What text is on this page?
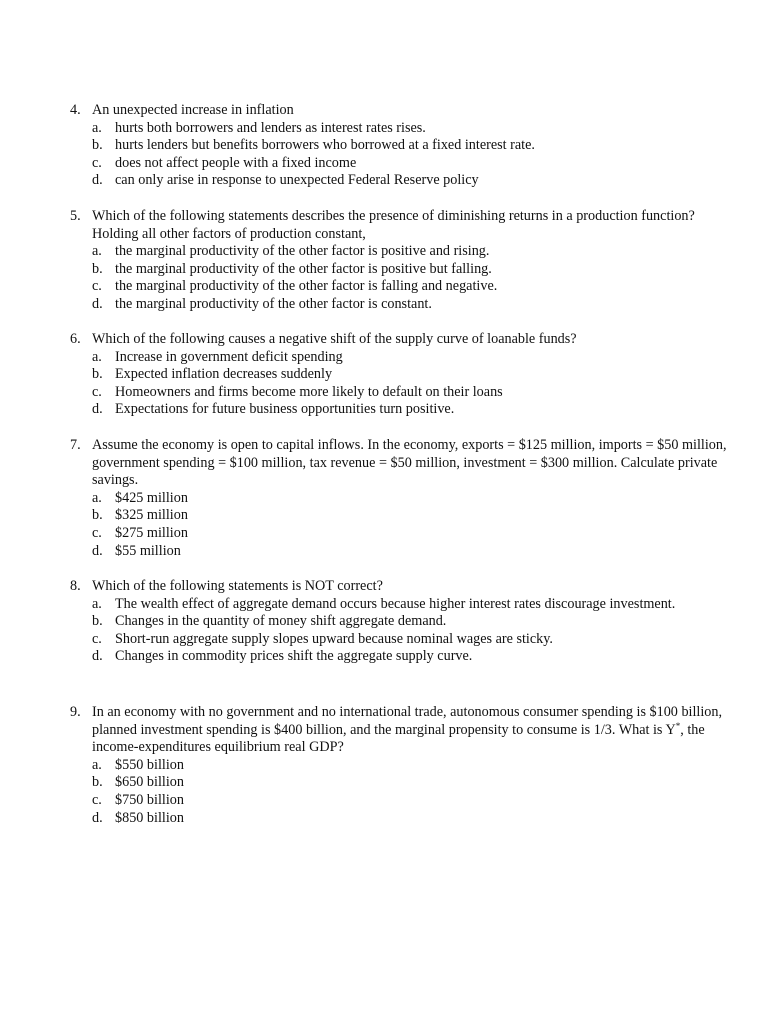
4. An unexpected increase in inflation
a. hurts both borrowers and lenders as interest rates rises.
b. hurts lenders but benefits borrowers who borrowed at a fixed interest rate.
c. does not affect people with a fixed income
d. can only arise in response to unexpected Federal Reserve policy
5. Which of the following statements describes the presence of diminishing returns in a production function? Holding all other factors of production constant,
a. the marginal productivity of the other factor is positive and rising.
b. the marginal productivity of the other factor is positive but falling.
c. the marginal productivity of the other factor is falling and negative.
d. the marginal productivity of the other factor is constant.
6. Which of the following causes a negative shift of the supply curve of loanable funds?
a. Increase in government deficit spending
b. Expected inflation decreases suddenly
c. Homeowners and firms become more likely to default on their loans
d. Expectations for future business opportunities turn positive.
7. Assume the economy is open to capital inflows. In the economy, exports = $125 million, imports = $50 million, government spending = $100 million, tax revenue = $50 million, investment = $300 million. Calculate private savings.
a. $425 million
b. $325 million
c. $275 million
d. $55 million
8. Which of the following statements is NOT correct?
a. The wealth effect of aggregate demand occurs because higher interest rates discourage investment.
b. Changes in the quantity of money shift aggregate demand.
c. Short-run aggregate supply slopes upward because nominal wages are sticky.
d. Changes in commodity prices shift the aggregate supply curve.
9. In an economy with no government and no international trade, autonomous consumer spending is $100 billion, planned investment spending is $400 billion, and the marginal propensity to consume is 1/3. What is Y*, the income-expenditures equilibrium real GDP?
a. $550 billion
b. $650 billion
c. $750 billion
d. $850 billion
